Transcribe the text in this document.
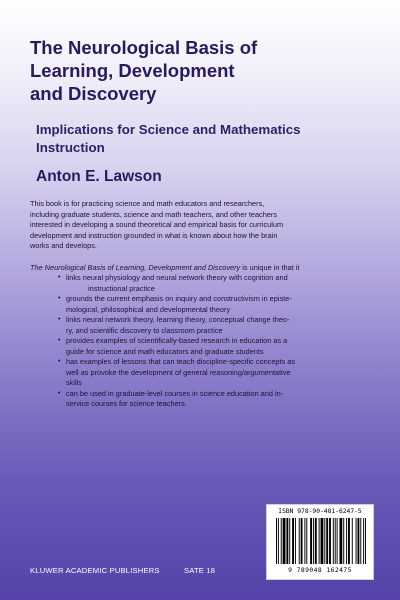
The Neurological Basis of
Learning, Development
and Discovery
Implications for Science and Mathematics
Instruction
Anton E. Lawson

This book is for practicing science and math educators and researchers,
including graduate students, science and math teachers, and other teachers
interested in developing a sound theoretical and empirical basis for curriculum
development and instruction grounded in what is known about how the brain
works and develops.

The Neurological Basis of Learning, Development and Discovery is unique in that it

• links neural physiology and neural network theory with cognition and
instructional practice
• grounds the current emphasis on inquiry and constructivism in episte-
mological, philosophical and developmental theory
• links neural network theory, learning theory, conceptual change theo-
ry, and scientific discovery to classroom practice
• provides examples of scientifically-based research in education as a
guide for science and math educators and graduate students
• has examples of lessons that can teach discipline-specific concepts as
well as provoke the development of general reasoning/argumentative
skills
• can be used in graduate-level courses in science education and in-
service courses for science teachers.
KLUWER ACADEMIC PUBLISHERS	SATE 18
ISBN 978-90-481-6247-5
9 789048 162475
